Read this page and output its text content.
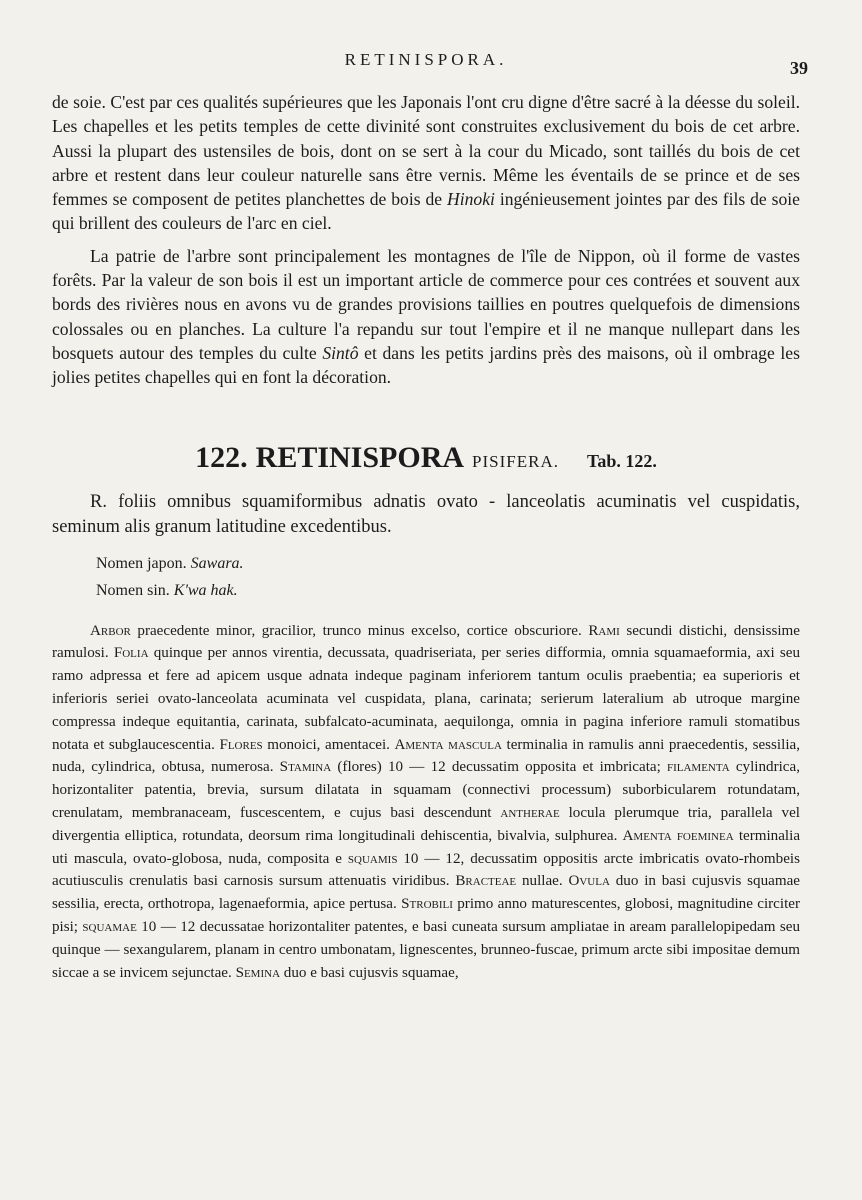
RETINISPORA.	39

de soie. C'est par ces qualités supérieures que les Japonais l'ont cru digne d'être sacré à la déesse du soleil. Les chapelles et les petits temples de cette divinité sont construites exclusivement du bois de cet arbre. Aussi la plupart des ustensiles de bois, dont on se sert à la cour du Micado, sont taillés du bois de cet arbre et restent dans leur couleur naturelle sans être vernis. Même les éventails de se prince et de ses femmes se composent de petites planchettes de bois de Hinoki ingénieusement jointes par des fils de soie qui brillent des couleurs de l'arc en ciel.

La patrie de l'arbre sont principalement les montagnes de l'île de Nippon, où il forme de vastes forêts. Par la valeur de son bois il est un important article de commerce pour ces contrées et souvent aux bords des rivières nous en avons vu de grandes provisions taillies en poutres quelquefois de dimensions colossales ou en planches. La culture l'a repandu sur tout l'empire et il ne manque nullepart dans les bosquets autour des temples du culte Sintô et dans les petits jardins près des maisons, où il ombrage les jolies petites chapelles qui en font la décoration.

122. RETINISPORA PISIFERA. Tab. 122.

R. foliis omnibus squamiformibus adnatis ovato - lanceolatis acuminatis vel cuspidatis, seminum alis granum latitudine excedentibus.

Nomen japon. Sawara.
Nomen sin. K'wa hak.

Arbor praecedente minor, gracilior, trunco minus excelso, cortice obscuriore. Rami secundi distichi, densissime ramulosi. Folia quinque per annos virentia, decussata, quadriseriata, per series difformia, omnia squamaeformia, axi seu ramo adpressa et fere ad apicem usque adnata indeque paginam inferiorem tantum oculis praebentia; ea superioris et inferioris seriei ovato-lanceolata acuminata vel cuspidata, plana, carinata; serierum lateralium ab utroque margine compressa indeque equitantia, carinata, subfalcato-acuminata, aequilonga, omnia in pagina inferiore ramuli stomatibus notata et subglaucescentia. Flores monoici, amentacei. Amenta mascula terminalia in ramulis anni praecedentis, sessilia, nuda, cylindrica, obtusa, numerosa. Stamina (flores) 10 — 12 decussatim opposita et imbricata; filamenta cylindrica, horizontaliter patentia, brevia, sursum dilatata in squamam (connectivi processum) suborbicularem rotundatam, crenulatam, membranaceam, fuscescentem, e cujus basi descendunt antherae locula plerumque tria, parallela vel divergentia elliptica, rotundata, deorsum rima longitudinali dehiscentia, bivalvia, sulphurea. Amenta foeminea terminalia uti mascula, ovato-globosa, nuda, composita e squamis 10 — 12, decussatim oppositis arcte imbricatis ovato-rhombeis acutiusculis crenulatis basi carnosis sursum attenuatis viridibus. Bracteae nullae. Ovula duo in basi cujusvis squamae sessilia, erecta, orthotropa, lagenaeformia, apice pertusa. Strobili primo anno maturescentes, globosi, magnitudine circiter pisi; squamae 10 — 12 decussatae horizontaliter patentes, e basi cuneata sursum ampliatae in aream parallelopipedam seu quinque — sexangularem, planam in centro umbonatam, lignescentes, brunneo-fuscae, primum arcte sibi impositae demum siccae a se invicem sejunctae. Semina duo e basi cujusvis squamae,
